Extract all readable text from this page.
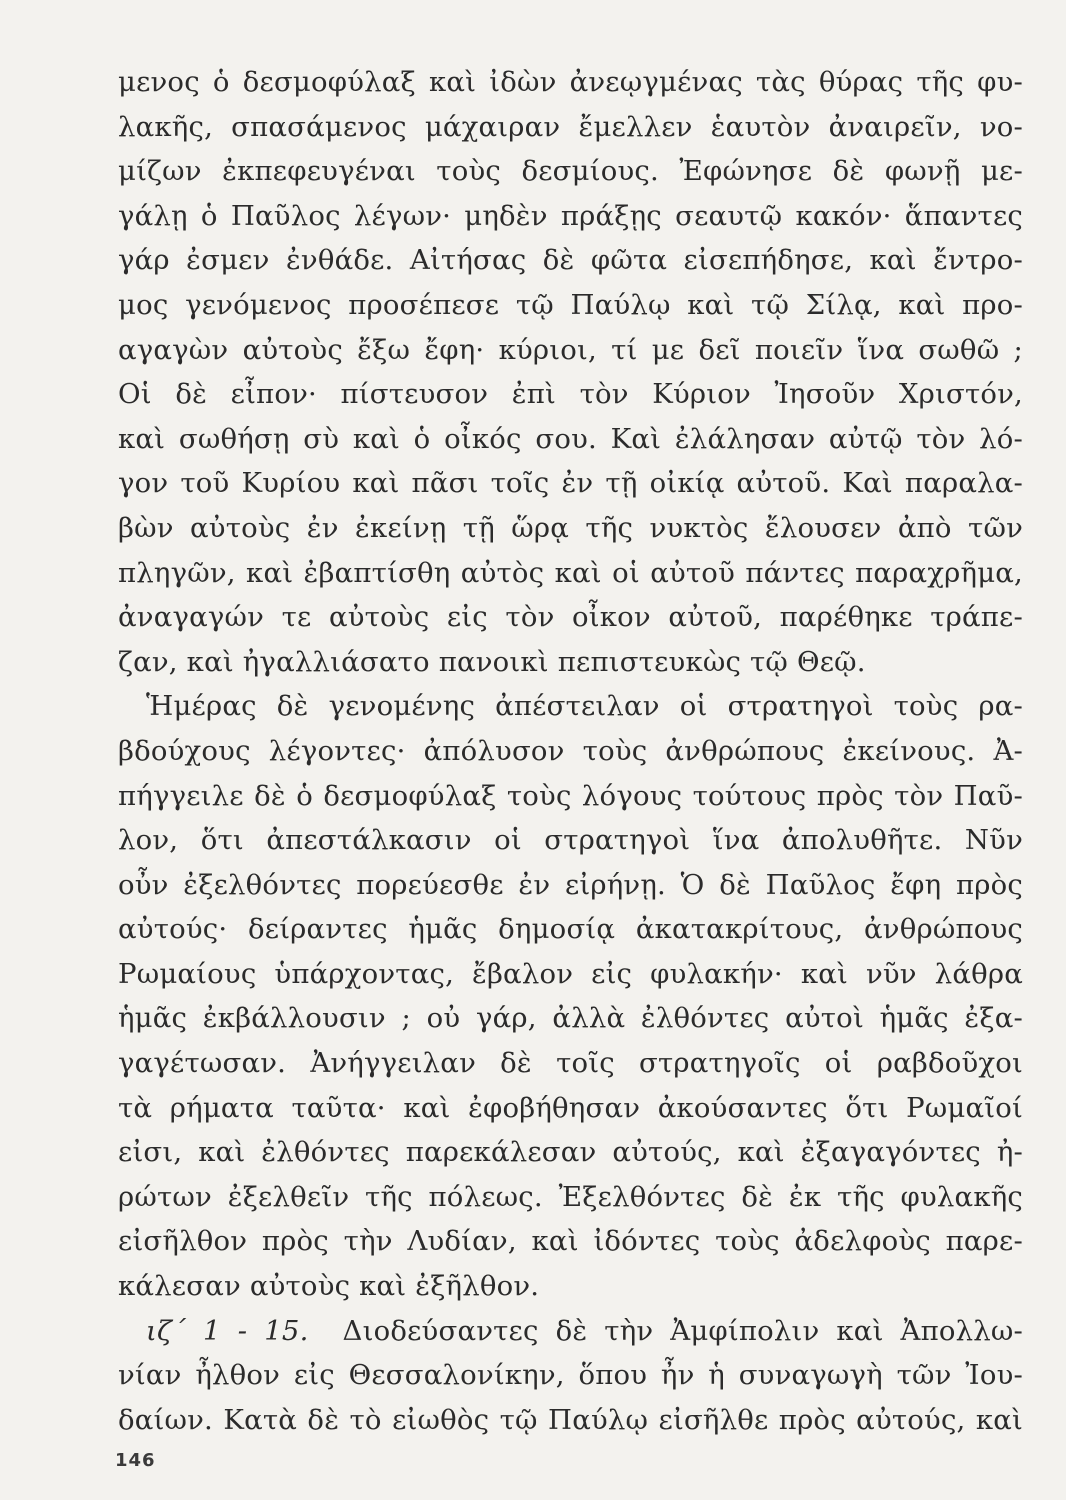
μενος ὁ δεσμοφύλαξ καὶ ἰδὼν ἀνεῳγμένας τὰς θύρας τῆς φυ-
λακῆς, σπασάμενος μάχαιραν ἔμελλεν ἑαυτὸν ἀναιρεῖν, νο-
μίζων ἐκπεφευγέναι τοὺς δεσμίους. Ἐφώνησε δὲ φωνῇ με-
γάλῃ ὁ Παῦλος λέγων· μηδὲν πράξῃς σεαυτῷ κακόν· ἅπαντες
γάρ ἐσμεν ἐνθάδε. Αἰτήσας δὲ φῶτα εἰσεπήδησε, καὶ ἔντρο-
μος γενόμενος προσέπεσε τῷ Παύλῳ καὶ τῷ Σίλᾳ, καὶ προ-
αγαγὼν αὐτοὺς ἔξω ἔφη· κύριοι, τί με δεῖ ποιεῖν ἵνα σωθῶ ;
Οἱ δὲ εἶπον· πίστευσον ἐπὶ τὸν Κύριον Ἰησοῦν Χριστόν,
καὶ σωθήσῃ σὺ καὶ ὁ οἶκός σου. Καὶ ἐλάλησαν αὐτῷ τὸν λό-
γον τοῦ Κυρίου καὶ πᾶσι τοῖς ἐν τῇ οἰκίᾳ αὐτοῦ. Καὶ παραλα-
βὼν αὐτοὺς ἐν ἐκείνῃ τῇ ὥρᾳ τῆς νυκτὸς ἔλουσεν ἀπὸ τῶν
πληγῶν, καὶ ἐβαπτίσθη αὐτὸς καὶ οἱ αὐτοῦ πάντες παραχρῆμα,
ἀναγαγών τε αὐτοὺς εἰς τὸν οἶκον αὐτοῦ, παρέθηκε τράπε-
ζαν, καὶ ἠγαλλιάσατο πανοικὶ πεπιστευκὼς τῷ Θεῷ.
Ἡμέρας δὲ γενομένης ἀπέστειλαν οἱ στρατηγοὶ τοὺς ρα-
βδούχους λέγοντες· ἀπόλυσον τοὺς ἀνθρώπους ἐκείνους. Ἀ-
πήγγειλε δὲ ὁ δεσμοφύλαξ τοὺς λόγους τούτους πρὸς τὸν Παῦ-
λον, ὅτι ἀπεστάλκασιν οἱ στρατηγοὶ ἵνα ἀπολυθῆτε. Νῦν
οὖν ἐξελθόντες πορεύεσθε ἐν εἰρήνῃ. Ὁ δὲ Παῦλος ἔφη πρὸς
αὐτούς· δείραντες ἡμᾶς δημοσίᾳ ἀκατακρίτους, ἀνθρώπους
Ρωμαίους ὑπάρχοντας, ἔβαλον εἰς φυλακήν· καὶ νῦν λάθρα
ἡμᾶς ἐκβάλλουσιν ; οὐ γάρ, ἀλλὰ ἐλθόντες αὐτοὶ ἡμᾶς ἐξα-
γαγέτωσαν. Ἀνήγγειλαν δὲ τοῖς στρατηγοῖς οἱ ραβδοῦχοι
τὰ ρήματα ταῦτα· καὶ ἐφοβήθησαν ἀκούσαντες ὅτι Ρωμαῖοί
εἰσι, καὶ ἐλθόντες παρεκάλεσαν αὐτούς, καὶ ἐξαγαγόντες ἠ-
ρώτων ἐξελθεῖν τῆς πόλεως. Ἐξελθόντες δὲ ἐκ τῆς φυλακῆς
εἰσῆλθον πρὸς τὴν Λυδίαν, καὶ ἰδόντες τοὺς ἀδελφοὺς παρε-
κάλεσαν αὐτοὺς καὶ ἐξῆλθον.
ιζ΄ 1 - 15. Διοδεύσαντες δὲ τὴν Ἀμφίπολιν καὶ Ἀπολλω-
νίαν ἦλθον εἰς Θεσσαλονίκην, ὅπου ἦν ἡ συναγωγὴ τῶν Ἰου-
δαίων. Κατὰ δὲ τὸ εἰωθὸς τῷ Παύλῳ εἰσῆλθε πρὸς αὐτούς, καὶ
146
